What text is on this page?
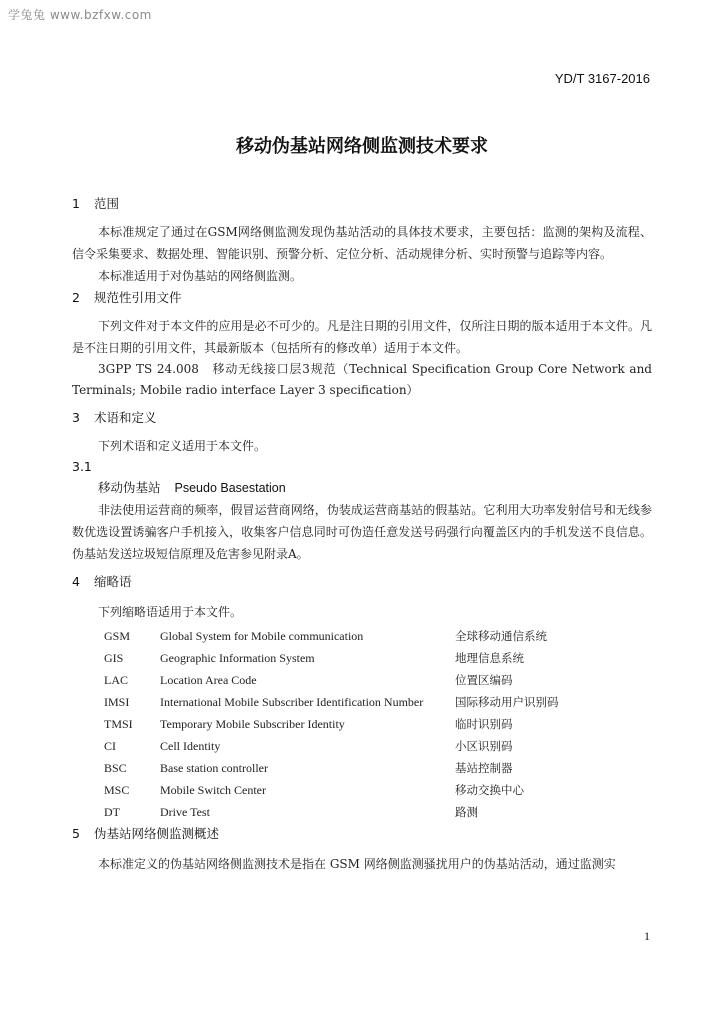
学兔兔 www.bzfxw.com
YD/T 3167-2016
移动伪基站网络侧监测技术要求
1 范围
本标准规定了通过在GSM网络侧监测发现伪基站活动的具体技术要求，主要包括：监测的架构及流程、信令采集要求、数据处理、智能识别、预警分析、定位分析、活动规律分析、实时预警与追踪等内容。
本标准适用于对伪基站的网络侧监测。
2 规范性引用文件
下列文件对于本文件的应用是必不可少的。凡是注日期的引用文件，仅所注日期的版本适用于本文件。凡是不注日期的引用文件，其最新版本（包括所有的修改单）适用于本文件。
3GPP TS 24.008　移动无线接口层3规范（Technical Specification Group Core Network and Terminals; Mobile radio interface Layer 3 specification）
3 术语和定义
下列术语和定义适用于本文件。
3.1
移动伪基站 Pseudo Basestation
非法使用运营商的频率，假冒运营商网络，伪装成运营商基站的假基站。它利用大功率发射信号和无线参数优选设置诱骗客户手机接入，收集客户信息同时可伪造任意发送号码强行向覆盖区内的手机发送不良信息。伪基站发送垃圾短信原理及危害参见附录A。
4 缩略语
下列缩略语适用于本文件。
GSM	Global System for Mobile communication	全球移动通信系统
GIS	Geographic Information System	地理信息系统
LAC	Location Area Code	位置区编码
IMSI	International Mobile Subscriber Identification Number	国际移动用户识别码
TMSI	Temporary Mobile Subscriber Identity	临时识别码
CI	Cell Identity	小区识别码
BSC	Base station controller	基站控制器
MSC	Mobile Switch Center	移动交换中心
DT	Drive Test	路测
5 伪基站网络侧监测概述
本标准定义的伪基站网络侧监测技术是指在 GSM 网络侧监测骚扰用户的伪基站活动，通过监测实
1
